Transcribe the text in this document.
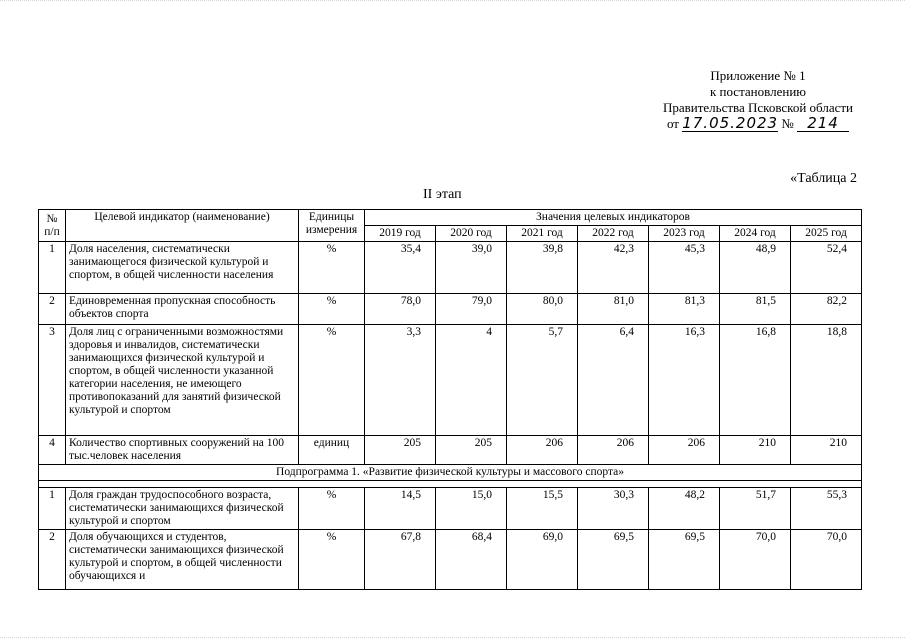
Приложение № 1
к постановлению
Правительства Псковской области
от 17.05.2023 № 214
«Таблица 2
II этап
№ п/п	Целевой индикатор (наименование)	Единицы измерения	Значения целевых индикаторов						
			2019 год	2020 год	2021 год	2022 год	2023 год	2024 год	2025 год
1	Доля населения, систематически занимающегося физической культурой и спортом, в общей численности населения	%	35,4	39,0	39,8	42,3	45,3	48,9	52,4
2	Единовременная пропускная способность объектов спорта	%	78,0	79,0	80,0	81,0	81,3	81,5	82,2
3	Доля лиц с ограниченными возможностями здоровья и инвалидов, систематически занимающихся физической культурой и спортом, в общей численности указанной категории населения, не имеющего противопоказаний для занятий физической культурой и спортом	%	3,3	4	5,7	6,4	16,3	16,8	18,8
4	Количество спортивных сооружений на 100 тыс.человек населения	единиц	205	205	206	206	206	210	210
Подпрограмма 1. «Развитие физической культуры и массового спорта»									

1	Доля граждан трудоспособного возраста, систематически занимающихся физической культурой и спортом	%	14,5	15,0	15,5	30,3	48,2	51,7	55,3
2	Доля обучающихся и студентов, систематически занимающихся физической культурой и спортом, в общей численности обучающихся и	%	67,8	68,4	69,0	69,5	69,5	70,0	70,0
